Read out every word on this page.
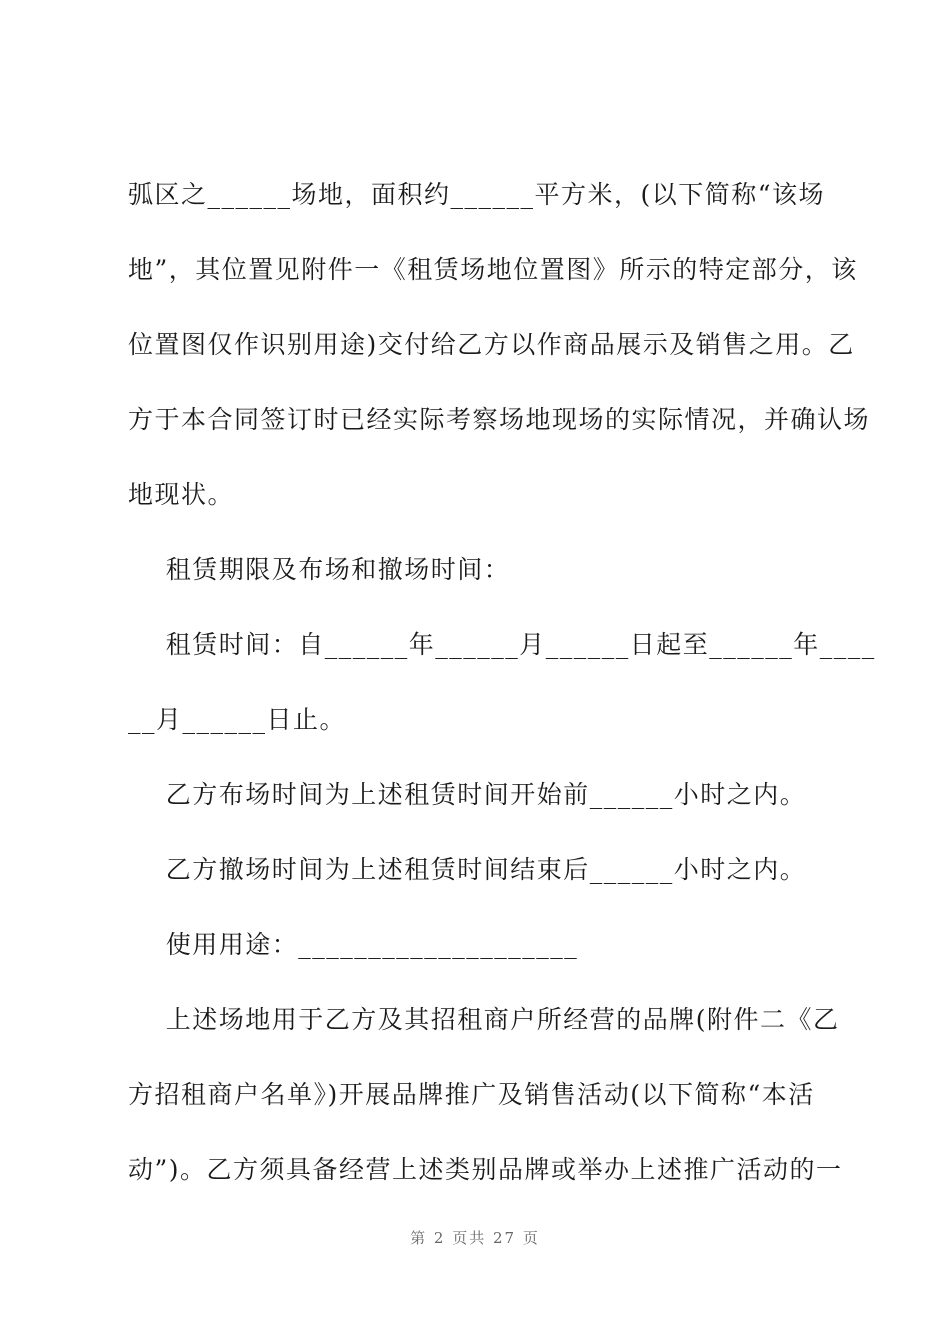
弧区之______场地，面积约______平方米，(以下简称“该场
地”，其位置见附件一《租赁场地位置图》所示的特定部分，该
位置图仅作识别用途)交付给乙方以作商品展示及销售之用。乙
方于本合同签订时已经实际考察场地现场的实际情况，并确认场
地现状。
租赁期限及布场和撤场时间：
租赁时间：自______年______月______日起至______年____
__月______日止。
乙方布场时间为上述租赁时间开始前______小时之内。
乙方撤场时间为上述租赁时间结束后______小时之内。
使用用途：____________________
上述场地用于乙方及其招租商户所经营的品牌(附件二《乙
方招租商户名单》)开展品牌推广及销售活动(以下简称“本活
动”)。乙方须具备经营上述类别品牌或举办上述推广活动的一
第 2 页共 27 页
